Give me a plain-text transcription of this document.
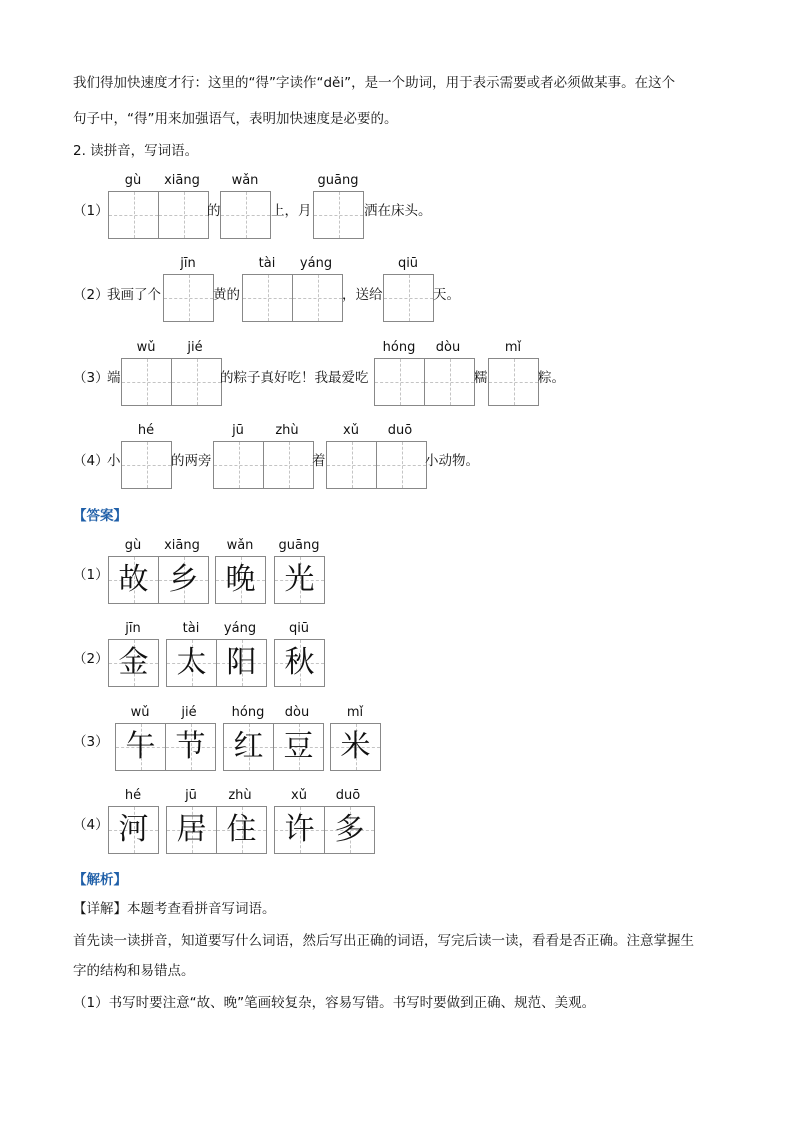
我们得加快速度才行：这里的“得”字读作“děi”，是一个助词，用于表示需要或者必须做某事。在这个
句子中，“得”用来加强语气，表明加快速度是必要的。
2. 读拼音，写词语。
（1）
gù	xiāng
的
wǎn
上，月
guāng
洒在床头。
（2）
我画了个
jīn
黄的
tài	yáng
，送给
qiū
天。
（3）
端
wǔ	jié
的粽子真好吃！我最爱吃
hóng	dòu
糯
mǐ
粽。
（4）
小
hé
的两旁
jū	zhù
着
xǔ	duō
小动物。
【答案】
（1）
gù	xiāng
故 乡
wǎn
晚
guāng
光
（2）
jīn
金
tài	yáng
太 阳
qiū
秋
（3）
wǔ	jié
午 节
hóng	dòu
红 豆
mǐ
米
（4）
hé
河
jū	zhù
居 住
xǔ	duō
许 多
【解析】
【详解】本题考查看拼音写词语。
首先读一读拼音，知道要写什么词语，然后写出正确的词语，写完后读一读，看看是否正确。注意掌握生
字的结构和易错点。
（1）书写时要注意“故、晚”笔画较复杂，容易写错。书写时要做到正确、规范、美观。
